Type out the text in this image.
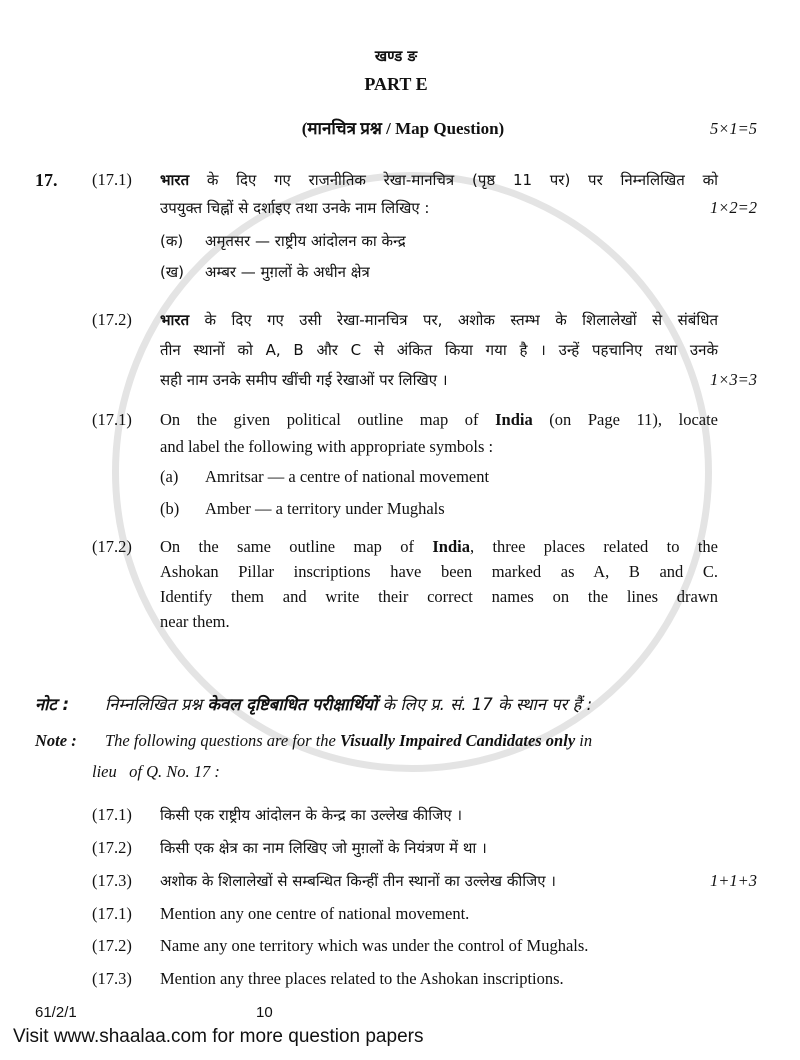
खण्ड ङ
PART E
(मानचित्र प्रश्न / Map Question)	5×1=5
17.	(17.1)	भारत के दिए गए राजनीतिक रेखा-मानचित्र (पृष्ठ 11 पर) पर निम्नलिखित को
उपयुक्त चिह्नों से दर्शाइए तथा उनके नाम लिखिए :	1×2=2
(क)	अमृतसर — राष्ट्रीय आंदोलन का केन्द्र
(ख)	अम्बर — मुग़लों के अधीन क्षेत्र
(17.2)	भारत के दिए गए उसी रेखा-मानचित्र पर, अशोक स्तम्भ के शिलालेखों से संबंधित
तीन स्थानों को A, B और C से अंकित किया गया है । उन्हें पहचानिए तथा उनके
सही नाम उनके समीप खींची गई रेखाओं पर लिखिए ।	1×3=3
(17.1)	On the given political outline map of India (on Page 11), locate
and label the following with appropriate symbols :
(a)	Amritsar — a centre of national movement
(b)	Amber — a territory under Mughals
(17.2)	On the same outline map of India, three places related to the
Ashokan Pillar inscriptions have been marked as A, B and C.
Identify them and write their correct names on the lines drawn
near them.
नोट :	निम्नलिखित प्रश्न केवल दृष्टिबाधित परीक्षार्थियों के लिए प्र. सं. 17 के स्थान पर हैं :
Note :	The following questions are for the Visually Impaired Candidates only in
lieu   of Q. No. 17 :
(17.1)	किसी एक राष्ट्रीय आंदोलन के केन्द्र का उल्लेख कीजिए ।
(17.2)	किसी एक क्षेत्र का नाम लिखिए जो मुग़लों के नियंत्रण में था ।
(17.3)	अशोक के शिलालेखों से सम्बन्धित किन्हीं तीन स्थानों का उल्लेख कीजिए ।	1+1+3
(17.1)	Mention any one centre of national movement.
(17.2)	Name any one territory which was under the control of Mughals.
(17.3)	Mention any three places related to the Ashokan inscriptions.
61/2/1	10
Visit www.shaalaa.com for more question papers
